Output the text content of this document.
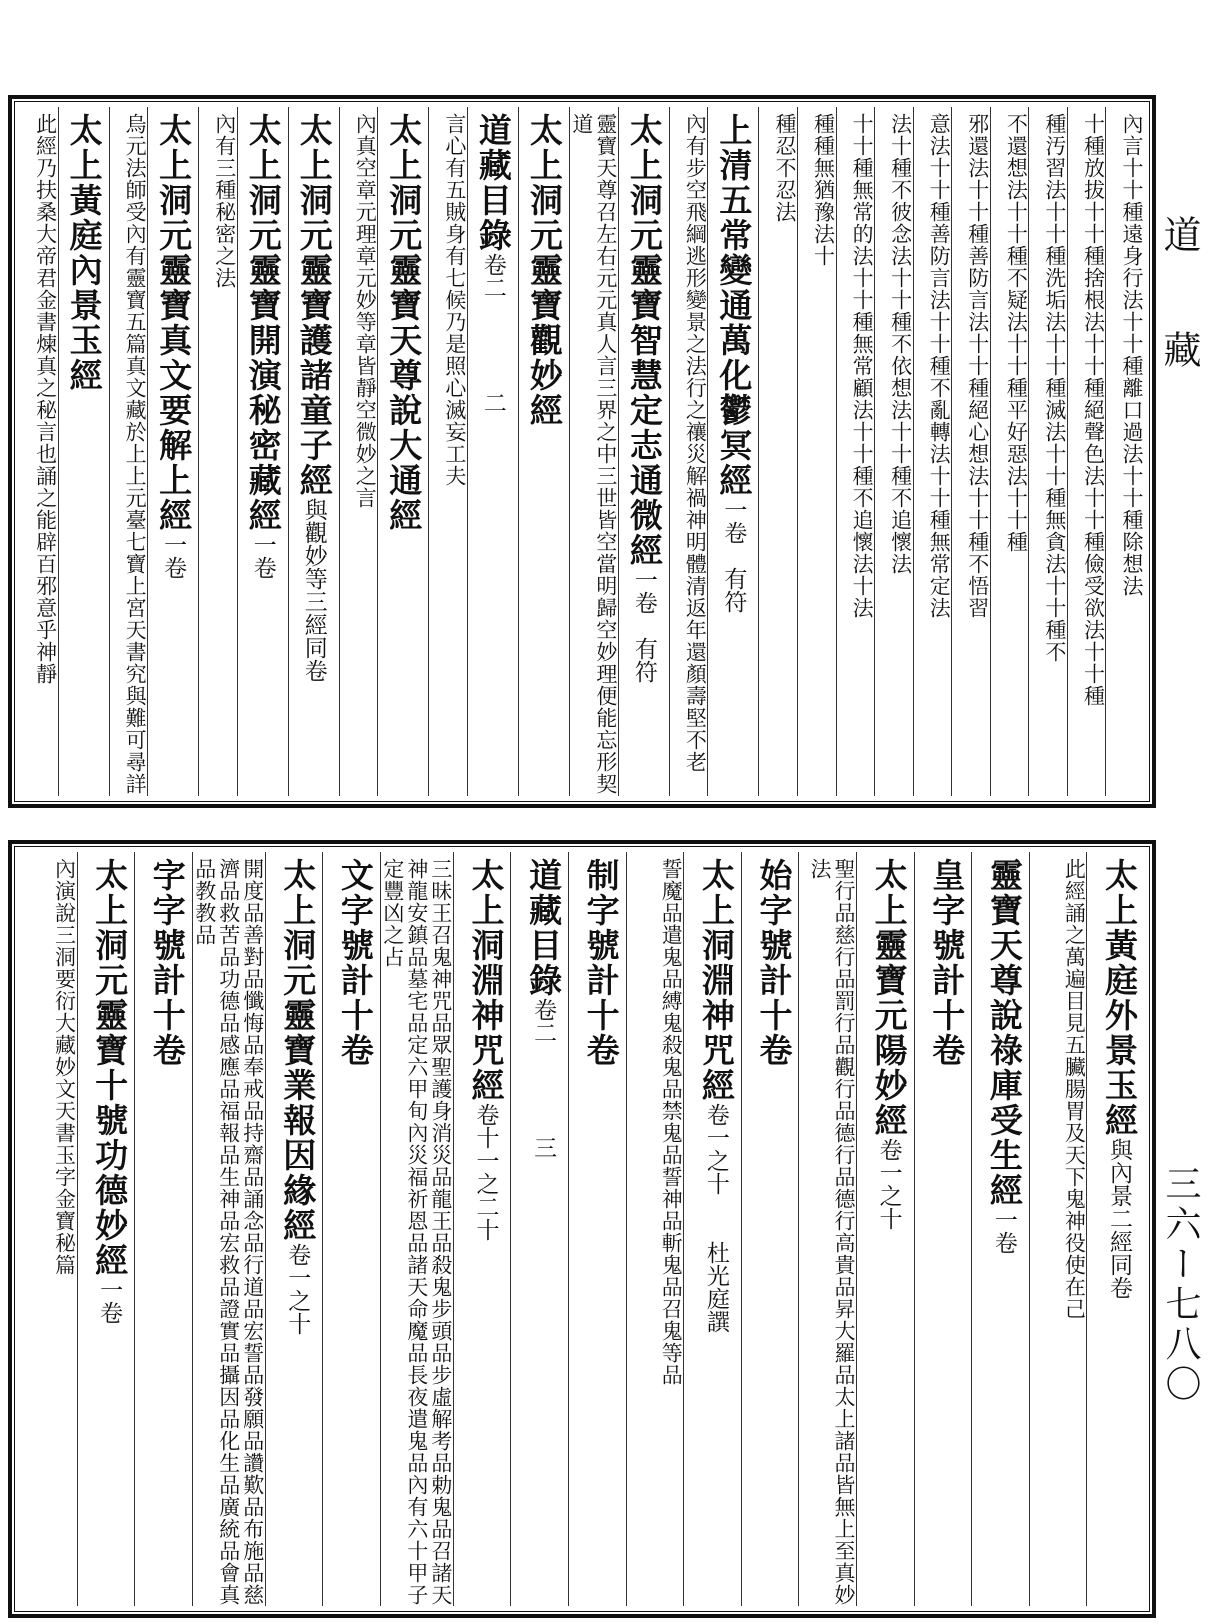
道
藏
內言十十種遠身行法十十種離口過法十十種除想法
十種放拔十十種捨根法十十種絕聲色法十十種儉受欲法十十種
種汚習法十十種洗垢法十十種滅法十十種無貪法十十種不
不還想法十十種不疑法十十種平好惡法十十種
邪還法十十種善防言法十十種絕心想法十十種不悟習
意法十十種善防言法十十種不亂轉法十十種無常定法
法十種不彼念法十十種不依想法十十種不追懷法
十十種無常的法十十種無常顧法十十種不追懷法十法
種種無猶豫法十
種忍不忍法
上清五常變通萬化鬱冥經一卷　有符
內有步空飛綱逃形變景之法行之禳災解禍神明體清返年還顏壽堅不老
太上洞元靈寶智慧定志通微經一卷　有符
靈寶天尊召左右元元真人言三界之中三世皆空當明歸空妙理便能忘形契道
太上洞元靈寶觀妙經
道藏目錄卷二　　　　二
言心有五賊身有七候乃是照心滅妄工夫
太上洞元靈寶天尊說大通經
內真空章元理章元妙等章皆靜空微妙之言
太上洞元靈寶護諸童子經與觀妙等三經同卷
太上洞元靈寶開演秘密藏經一卷
內有三種秘密之法
太上洞元靈寶真文要解上經一卷
烏元法師受內有靈寶五篇真文藏於上上元臺七寶上宮天書究與難可尋詳
太上黃庭內景玉經
此經乃扶桑大帝君金書煉真之秘言也誦之能辟百邪意乎神靜
太上黃庭外景玉經與內景二經同卷
此經誦之萬遍目見五臟腸胃及天下鬼神役使在己
靈寶天尊說祿庫受生經一卷
皇字號計十卷
太上靈寶元陽妙經卷一之十
聖行品慈行品罰行品觀行品德行品德行高貴品昇大羅品太上諸品皆無上至真妙法
始字號計十卷
太上洞淵神咒經卷一之十　　杜光庭譔
誓魔品遣鬼品縛鬼殺鬼品禁鬼品誓神品斬鬼品召鬼等品
制字號計十卷
道藏目錄卷二　　　　三
太上洞淵神咒經卷十一之二十
三昧王召鬼神咒品眾聖護身消災品龍王品殺鬼步頭品步虛解考品勅鬼品召諸天神龍安鎮品墓宅品定六甲旬內災福祈恩品諸天命魔品長夜遣鬼品內有六十甲子定豐凶之占
文字號計十卷
太上洞元靈寶業報因緣經卷一之十
開度品善對品懺悔品奉戒品持齋品誦念品行道品宏誓品發願品讚歎品布施品慈濟品救苦品功德品感應品福報品生神品宏救品證實品攝因品化生品廣統品會真品教教品
字字號計十卷
太上洞元靈寶十號功德妙經一卷
內演說三洞要衍大藏妙文天書玉字金寶秘篇
三六ー七八〇
